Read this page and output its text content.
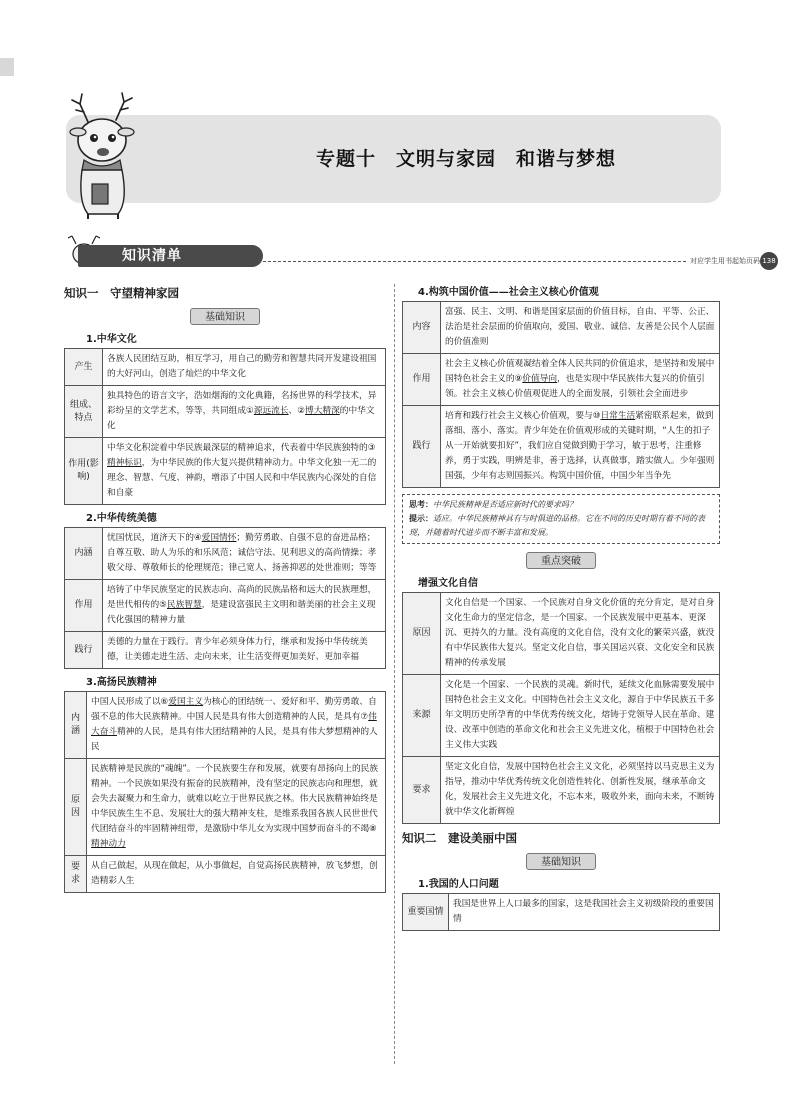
专题十　文明与家园　和谐与梦想
知识清单	对应学生用书起始页码 138
知识一　守望精神家园
基础知识
1.中华文化
产生	各族人民团结互助，相互学习，用自己的勤劳和智慧共同开发建设祖国的大好河山，创造了灿烂的中华文化
组成、特点	独具特色的语言文字，浩如烟海的文化典籍，名扬世界的科学技术，异彩纷呈的文学艺术，等等，共同组成①源远流长、②博大精深的中华文化
作用(影响)	中华文化积淀着中华民族最深层的精神追求，代表着中华民族独特的③精神标识，为中华民族的伟大复兴提供精神动力。中华文化独一无二的理念、智慧、气度、神韵，增添了中国人民和中华民族内心深处的自信和自豪
2.中华传统美德
内涵	忧国忧民，道济天下的④爱国情怀；勤劳勇敢、自强不息的奋进品格；自尊互敬、助人为乐的和乐风范；诚信守法、见利思义的高尚情操；孝敬父母、尊敬师长的伦理规范；律己宽人、扬善抑恶的处世准则；等等
作用	培铸了中华民族坚定的民族志向、高尚的民族品格和远大的民族理想，是世代相传的⑤民族智慧，是建设富强民主文明和谐美丽的社会主义现代化强国的精神力量
践行	美德的力量在于践行。青少年必须身体力行，继承和发扬中华传统美德，让美德走进生活、走向未来，让生活变得更加美好、更加幸福
3.高扬民族精神
内涵	中国人民形成了以⑥爱国主义为核心的团结统一、爱好和平、勤劳勇敢、自强不息的伟大民族精神。中国人民是具有伟大创造精神的人民，是具有⑦伟大奋斗精神的人民，是具有伟大团结精神的人民，是具有伟大梦想精神的人民
原因	民族精神是民族的“魂魄”。一个民族要生存和发展，就要有昂扬向上的民族精神。一个民族如果没有振奋的民族精神，没有坚定的民族志向和理想，就会失去凝聚力和生命力，就难以屹立于世界民族之林。伟大民族精神始终是中华民族生生不息、发展壮大的强大精神支柱，是维系我国各族人民世世代代团结奋斗的牢固精神纽带，是激励中华儿女为实现中国梦而奋斗的不竭⑧精神动力
要求	从自己做起，从现在做起，从小事做起，自觉高扬民族精神，放飞梦想，创造精彩人生
4.构筑中国价值——社会主义核心价值观
内容	富强、民主、文明、和谐是国家层面的价值目标，自由、平等、公正、法治是社会层面的价值取向，爱国、敬业、诚信、友善是公民个人层面的价值准则
作用	社会主义核心价值观凝结着全体人民共同的价值追求，是坚持和发展中国特色社会主义的⑨价值导向，也是实现中华民族伟大复兴的价值引领。社会主义核心价值观促进人的全面发展，引领社会全面进步
践行	培育和践行社会主义核心价值观，要与⑩日常生活紧密联系起来，做到落细、落小、落实。青少年处在价值观形成的关键时期，“人生的扣子从一开始就要扣好”，我们应自觉做到勤于学习，敏于思考，注重修养，勇于实践，明辨是非，善于选择，认真做事，踏实做人。少年强则国强，少年有志则国振兴。构筑中国价值，中国少年当争先
思考：中华民族精神是否适应新时代的要求吗？
提示：适应。中华民族精神具有与时俱进的品格。它在不同的历史时期有着不同的表现，并随着时代进步而不断丰富和发展。
重点突破
增强文化自信
原因	文化自信是一个国家、一个民族对自身文化价值的充分肯定，是对自身文化生命力的坚定信念，是一个国家、一个民族发展中更基本、更深沉、更持久的力量。没有高度的文化自信，没有文化的繁荣兴盛，就没有中华民族伟大复兴。坚定文化自信，事关国运兴衰、文化安全和民族精神的传承发展
来源	文化是一个国家、一个民族的灵魂。新时代，延续文化血脉需要发展中国特色社会主义文化。中国特色社会主义文化，源自于中华民族五千多年文明历史所孕育的中华优秀传统文化，熔铸于党领导人民在革命、建设、改革中创造的革命文化和社会主义先进文化，植根于中国特色社会主义伟大实践
要求	坚定文化自信，发展中国特色社会主义文化，必须坚持以马克思主义为指导，推动中华优秀传统文化创造性转化、创新性发展，继承革命文化，发展社会主义先进文化，不忘本来，吸收外来，面向未来，不断铸就中华文化新辉煌
知识二　建设美丽中国
基础知识
1.我国的人口问题
重要国情	我国是世界上人口最多的国家，这是我国社会主义初级阶段的重要国情
